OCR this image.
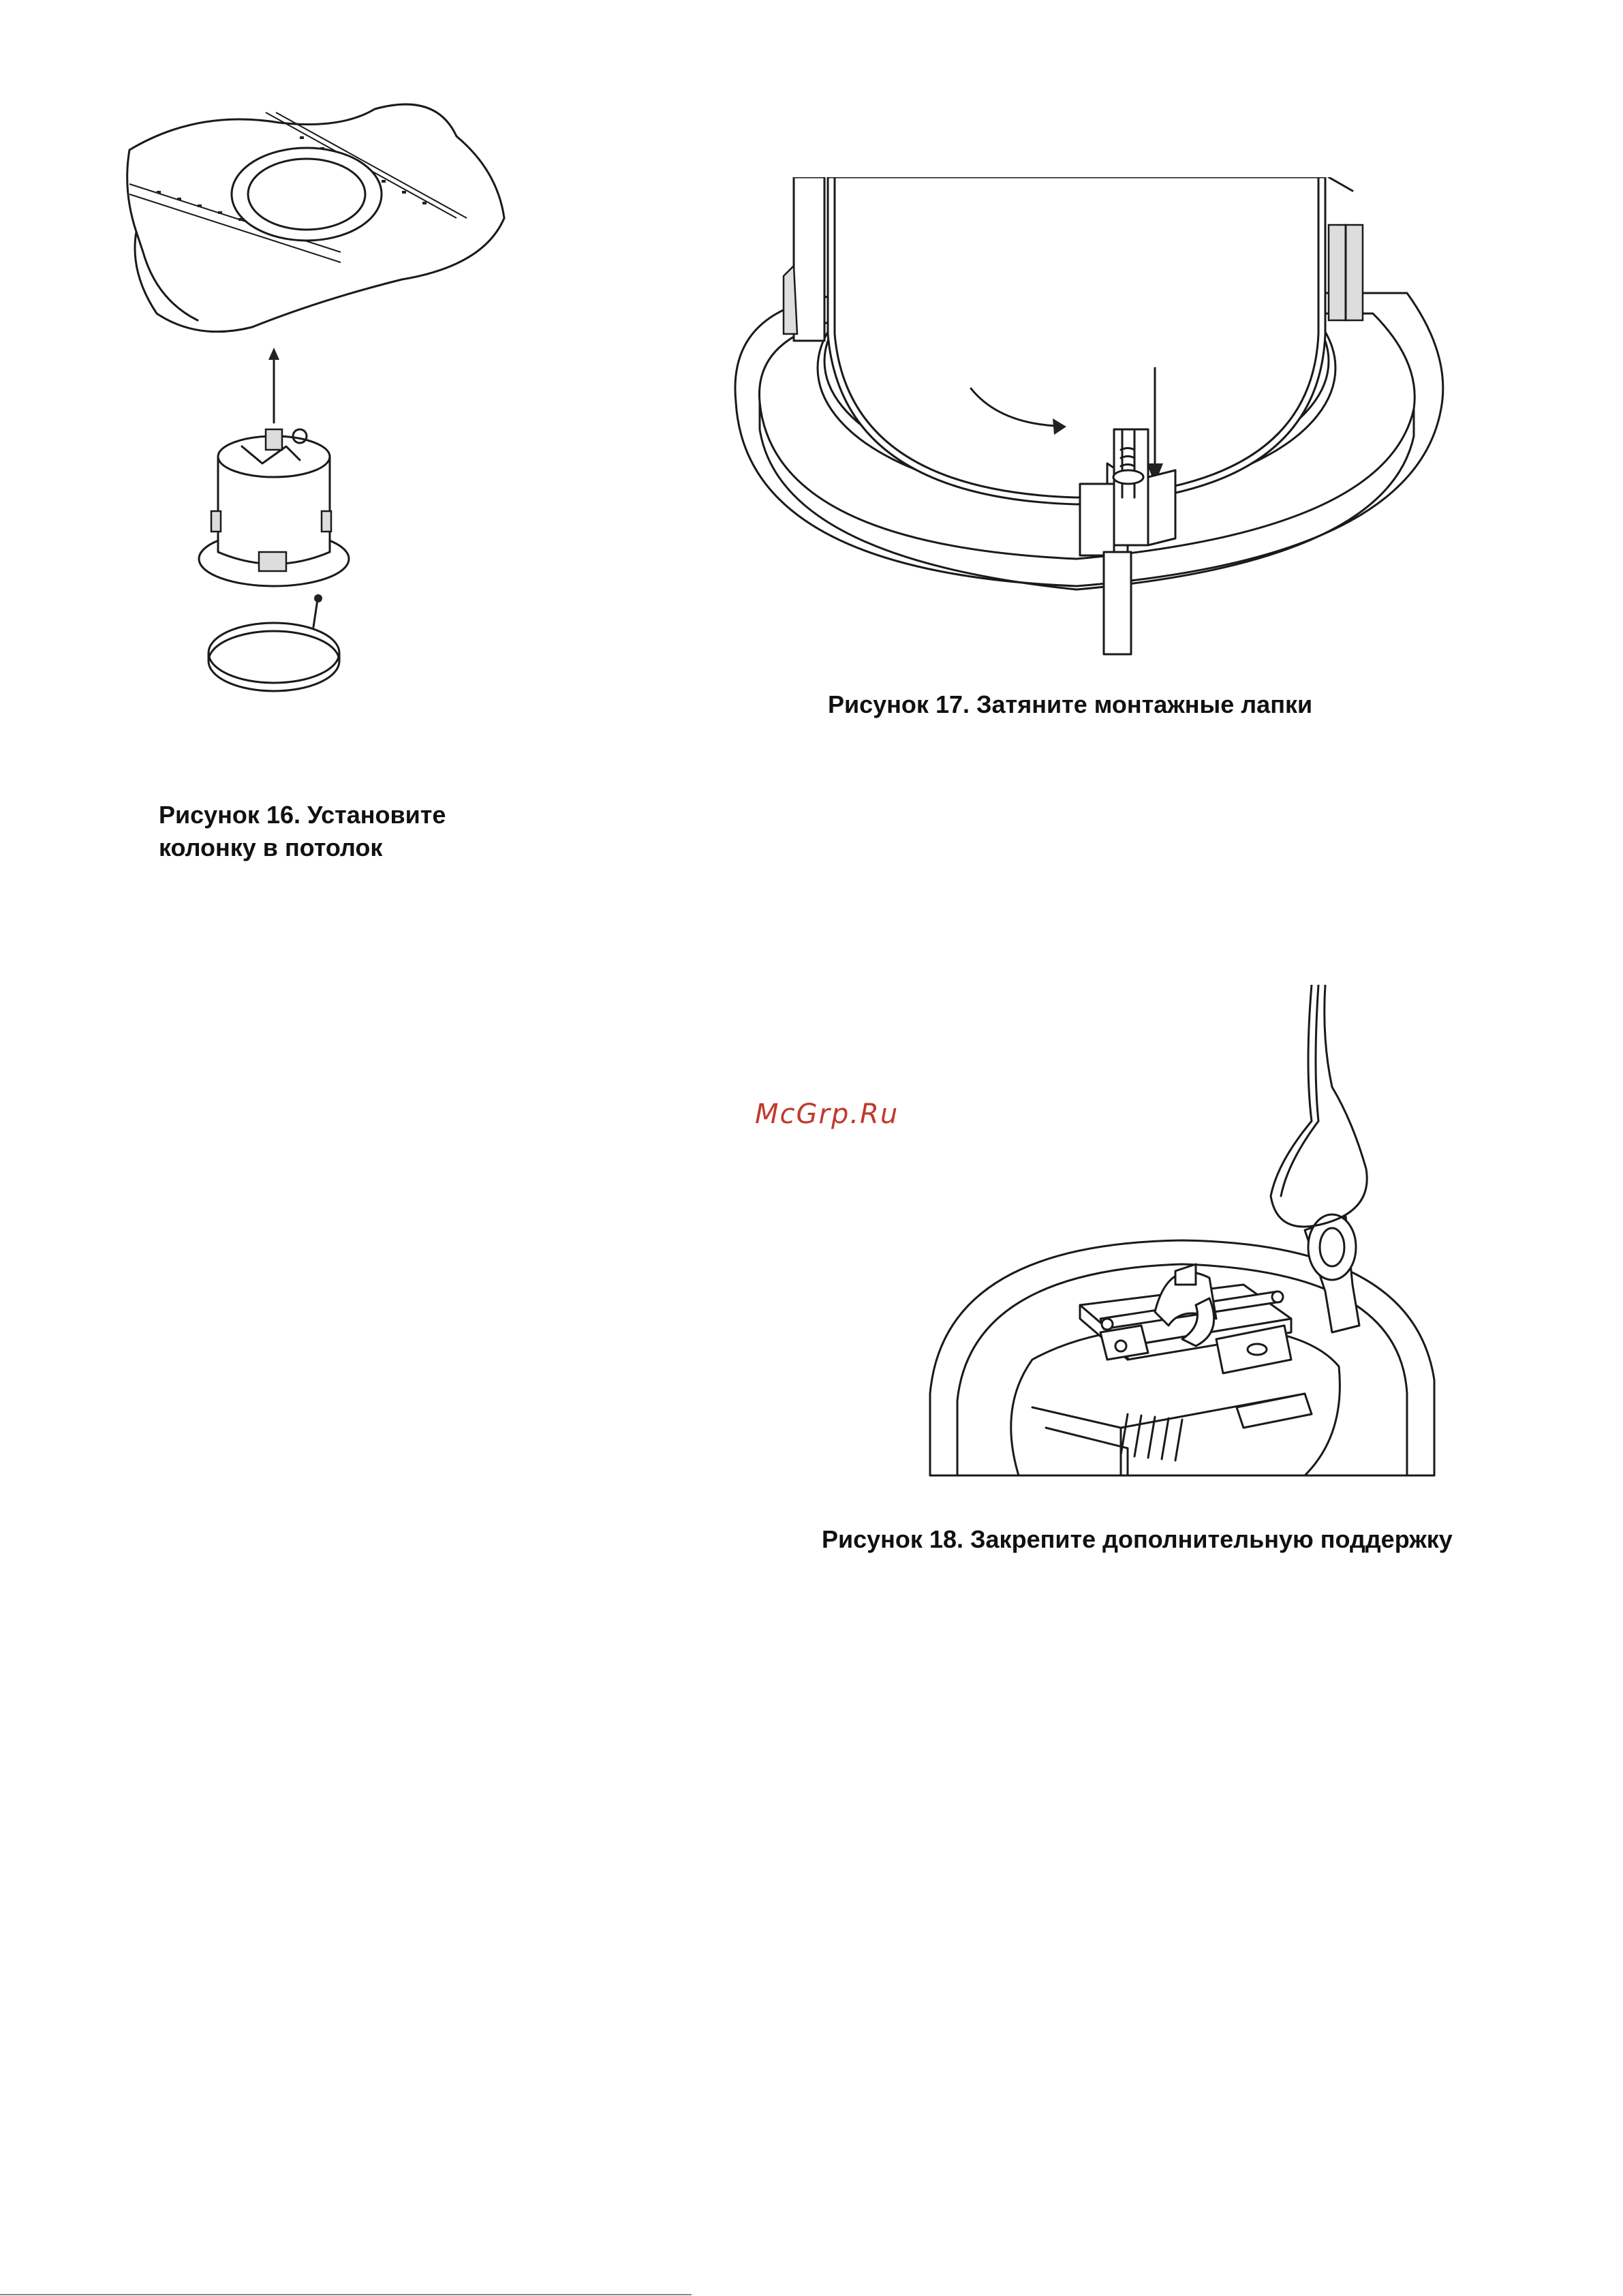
Рисунок 16. Установите
колонку в потолок

Рисунок 17. Затяните монтажные лапки

McGrp.Ru

Рисунок 18. Закрепите дополнительную поддержку
